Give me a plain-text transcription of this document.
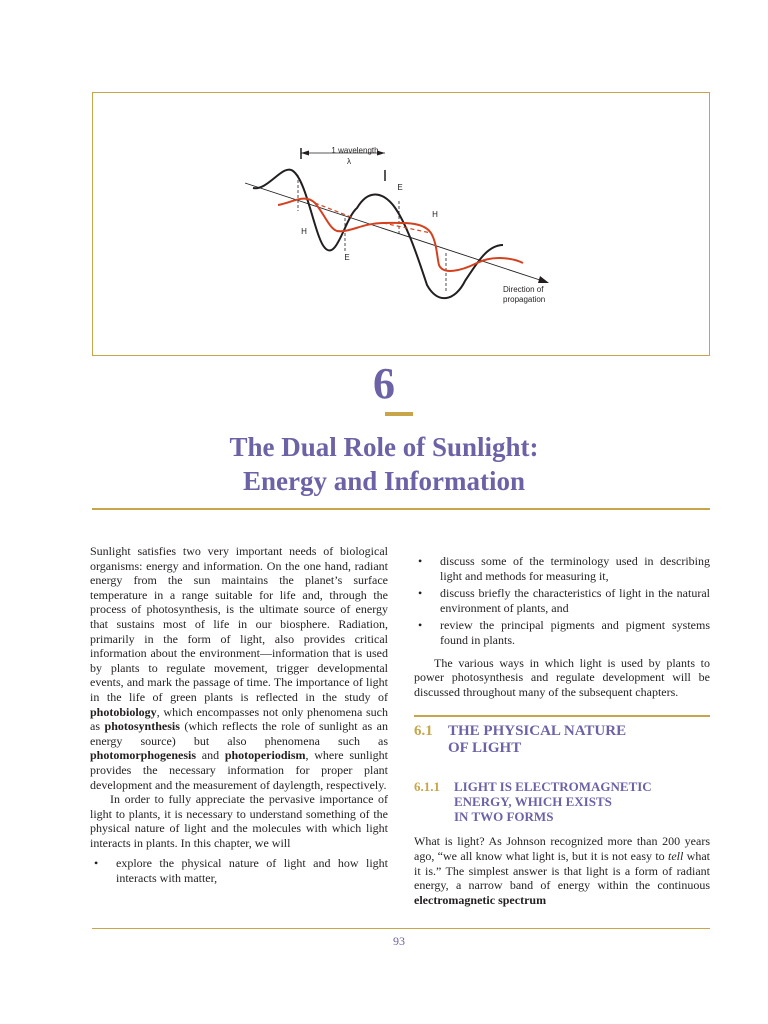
1 wavelength
λ
E
H
H
E
Direction of
propagation
6
The Dual Role of Sunlight:
Energy and Information

Sunlight satisfies two very important needs of biological organisms: energy and information. On the one hand, radiant energy from the sun maintains the planet’s surface temperature in a range suitable for life and, through the process of photosynthesis, is the ultimate source of energy that sustains most of life in our biosphere. Radiation, primarily in the form of light, also provides critical information about the environment—information that is used by plants to regulate movement, trigger developmental events, and mark the passage of time. The importance of light in the life of green plants is reflected in the study of photobiology, which encompasses not only phenomena such as photosynthesis (which reflects the role of sunlight as an energy source) but also phenomena such as photomorphogenesis and photoperiodism, where sunlight provides the necessary information for proper plant development and the measurement of daylength, respectively.

In order to fully appreciate the pervasive importance of light to plants, it is necessary to understand something of the physical nature of light and the molecules with which light interacts in plants. In this chapter, we will

• explore the physical nature of light and how light interacts with matter,
• discuss some of the terminology used in describing light and methods for measuring it,
• discuss briefly the characteristics of light in the natural environment of plants, and
• review the principal pigments and pigment systems found in plants.

The various ways in which light is used by plants to power photosynthesis and regulate development will be discussed throughout many of the subsequent chapters.

6.1	THE PHYSICAL NATURE
OF LIGHT
6.1.1	LIGHT IS ELECTROMAGNETIC
ENERGY, WHICH EXISTS
IN TWO FORMS

What is light? As Johnson recognized more than 200 years ago, “we all know what light is, but it is not easy to tell what it is.” The simplest answer is that light is a form of radiant energy, a narrow band of energy within the continuous electromagnetic spectrum

93
